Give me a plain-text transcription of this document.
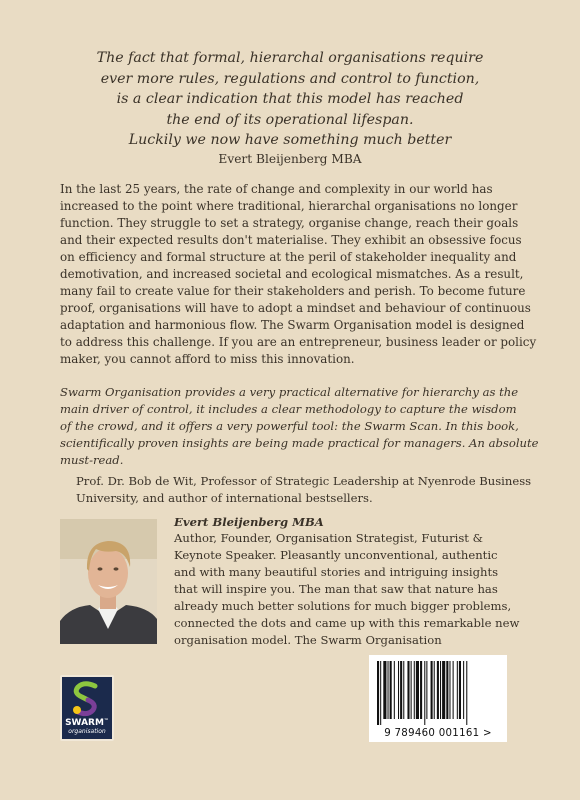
The fact that formal, hierarchal organisations require
ever more rules, regulations and control to function,
is a clear indication that this model has reached
the end of its operational lifespan.
Luckily we now have something much better
Evert Bleijenberg MBA
In the last 25 years, the rate of change and complexity in our world has
increased to the point where traditional, hierarchal organisations no longer
function. They struggle to set a strategy, organise change, reach their goals
and their expected results don't materialise. They exhibit an obsessive focus
on efficiency and formal structure at the peril of stakeholder inequality and
demotivation, and increased societal and ecological mismatches. As a result,
many fail to create value for their stakeholders and perish. To become future
proof, organisations will have to adopt a mindset and behaviour of continuous
adaptation and harmonious flow. The Swarm Organisation model is designed
to address this challenge. If you are an entrepreneur, business leader or policy
maker, you cannot afford to miss this innovation.
Swarm Organisation provides a very practical alternative for hierarchy as the
main driver of control, it includes a clear methodology to capture the wisdom
of the crowd, and it offers a very powerful tool: the Swarm Scan. In this book,
scientifically proven insights are being made practical for managers. An absolute
must-read.
Prof. Dr. Bob de Wit, Professor of Strategic Leadership at Nyenrode Business
University, and author of international bestsellers.
Evert Bleijenberg MBA
Author, Founder, Organisation Strategist, Futurist &
Keynote Speaker. Pleasantly unconventional, authentic
and with many beautiful stories and intriguing insights
that will inspire you. The man that saw that nature has
already much better solutions for much bigger problems,
connected the dots and came up with this remarkable new
organisation model. The Swarm Organisation
SWARM™
organisation	9 789460 001161 >
